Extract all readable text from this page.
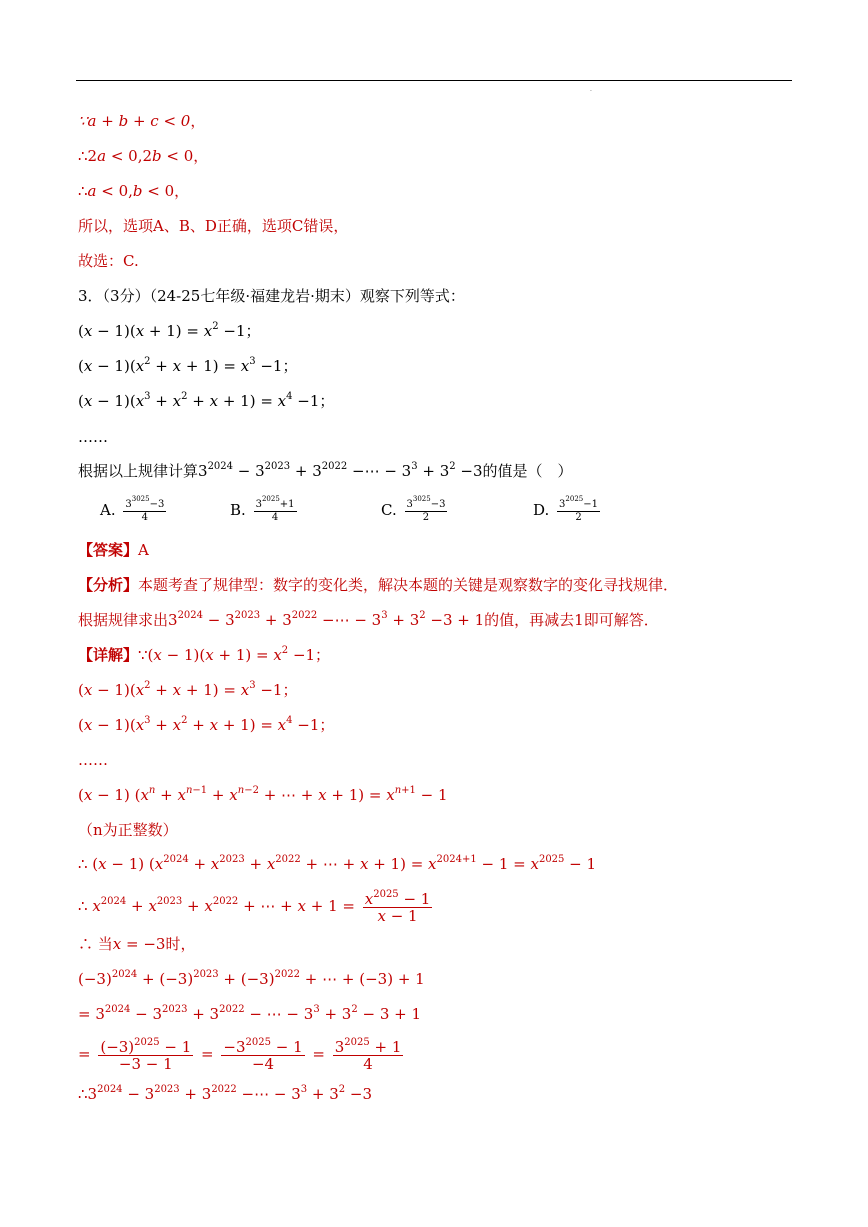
.
∵a + b + c < 0，
∴2a < 0,2b < 0，
∴a < 0,b < 0，
所以，选项A、B、D正确，选项C错误，
故选：C.
3．（3分）（24-25七年级·福建龙岩·期末）观察下列等式：
$(x - 1)(x + 1) = x^2 -1$；
$(x - 1)(x^2 + x + 1) = x^3 -1$；
$(x - 1)(x^3 + x^2 + x + 1) = x^4 -1$；
……
根据以上规律计算$3^{2024} - 3^{2023} + 3^{2022}$ −⋯ − $3^3 + 3^2 -3$的值是（　）
A. $\frac{3^{3025}-3}{4}$	B. $\frac{3^{2025}+1}{4}$	C. $\frac{3^{3025}-3}{2}$	D. $\frac{3^{2025}-1}{2}$
【答案】A
【分析】本题考查了规律型：数字的变化类，解决本题的关键是观察数字的变化寻找规律．
根据规律求出$3^{2024} - 3^{2023} + 3^{2022}$ −⋯ − $3^3 + 3^2 -3 + 1$的值，再减去1即可解答．
【详解】∵(x − $1)(x + 1) = x^2 -1$；
$(x - 1)(x^2 + x + 1) = x^3 -1$；
$(x - 1)(x^3 + x^2 + x + 1) = x^4 -1$；
……
(x − 1) ($x^n + x^{n-1} + x^{n-2}$ + ⋯ + $x + 1) = x^{n+1} - 1$
（n为正整数）
∴ (x − 1) ($x^{2024} + x^{2023} + x^{2022}$ + ⋯ + $x + 1) = x^{2024+1} - 1 = x^{2025} - 1$
∴ $x^{2024} + x^{2023} + x^{2022}$ + ⋯ + $x + 1 = \frac{x^{2025} - 1}{x - 1}$
∴ 当x = −3时，
$(-3)^{2024} + (-3)^{2023} + (-3)^{2022}$ + ⋯ + (−3) + 1
= $3^{2024} - 3^{2023} + 3^{2022}$ − ⋯ − $3^3 + 3^2 - 3 + 1$
= $\frac{(-3)^{2025} - 1}{-3 - 1} = \frac{-3^{2025} - 1}{-4} = \frac{3^{2025} + 1}{4}$
$\therefore 3^{2024} - 3^{2023} + 3^{2022}$ −⋯ − $3^3 + 3^2 -3$
